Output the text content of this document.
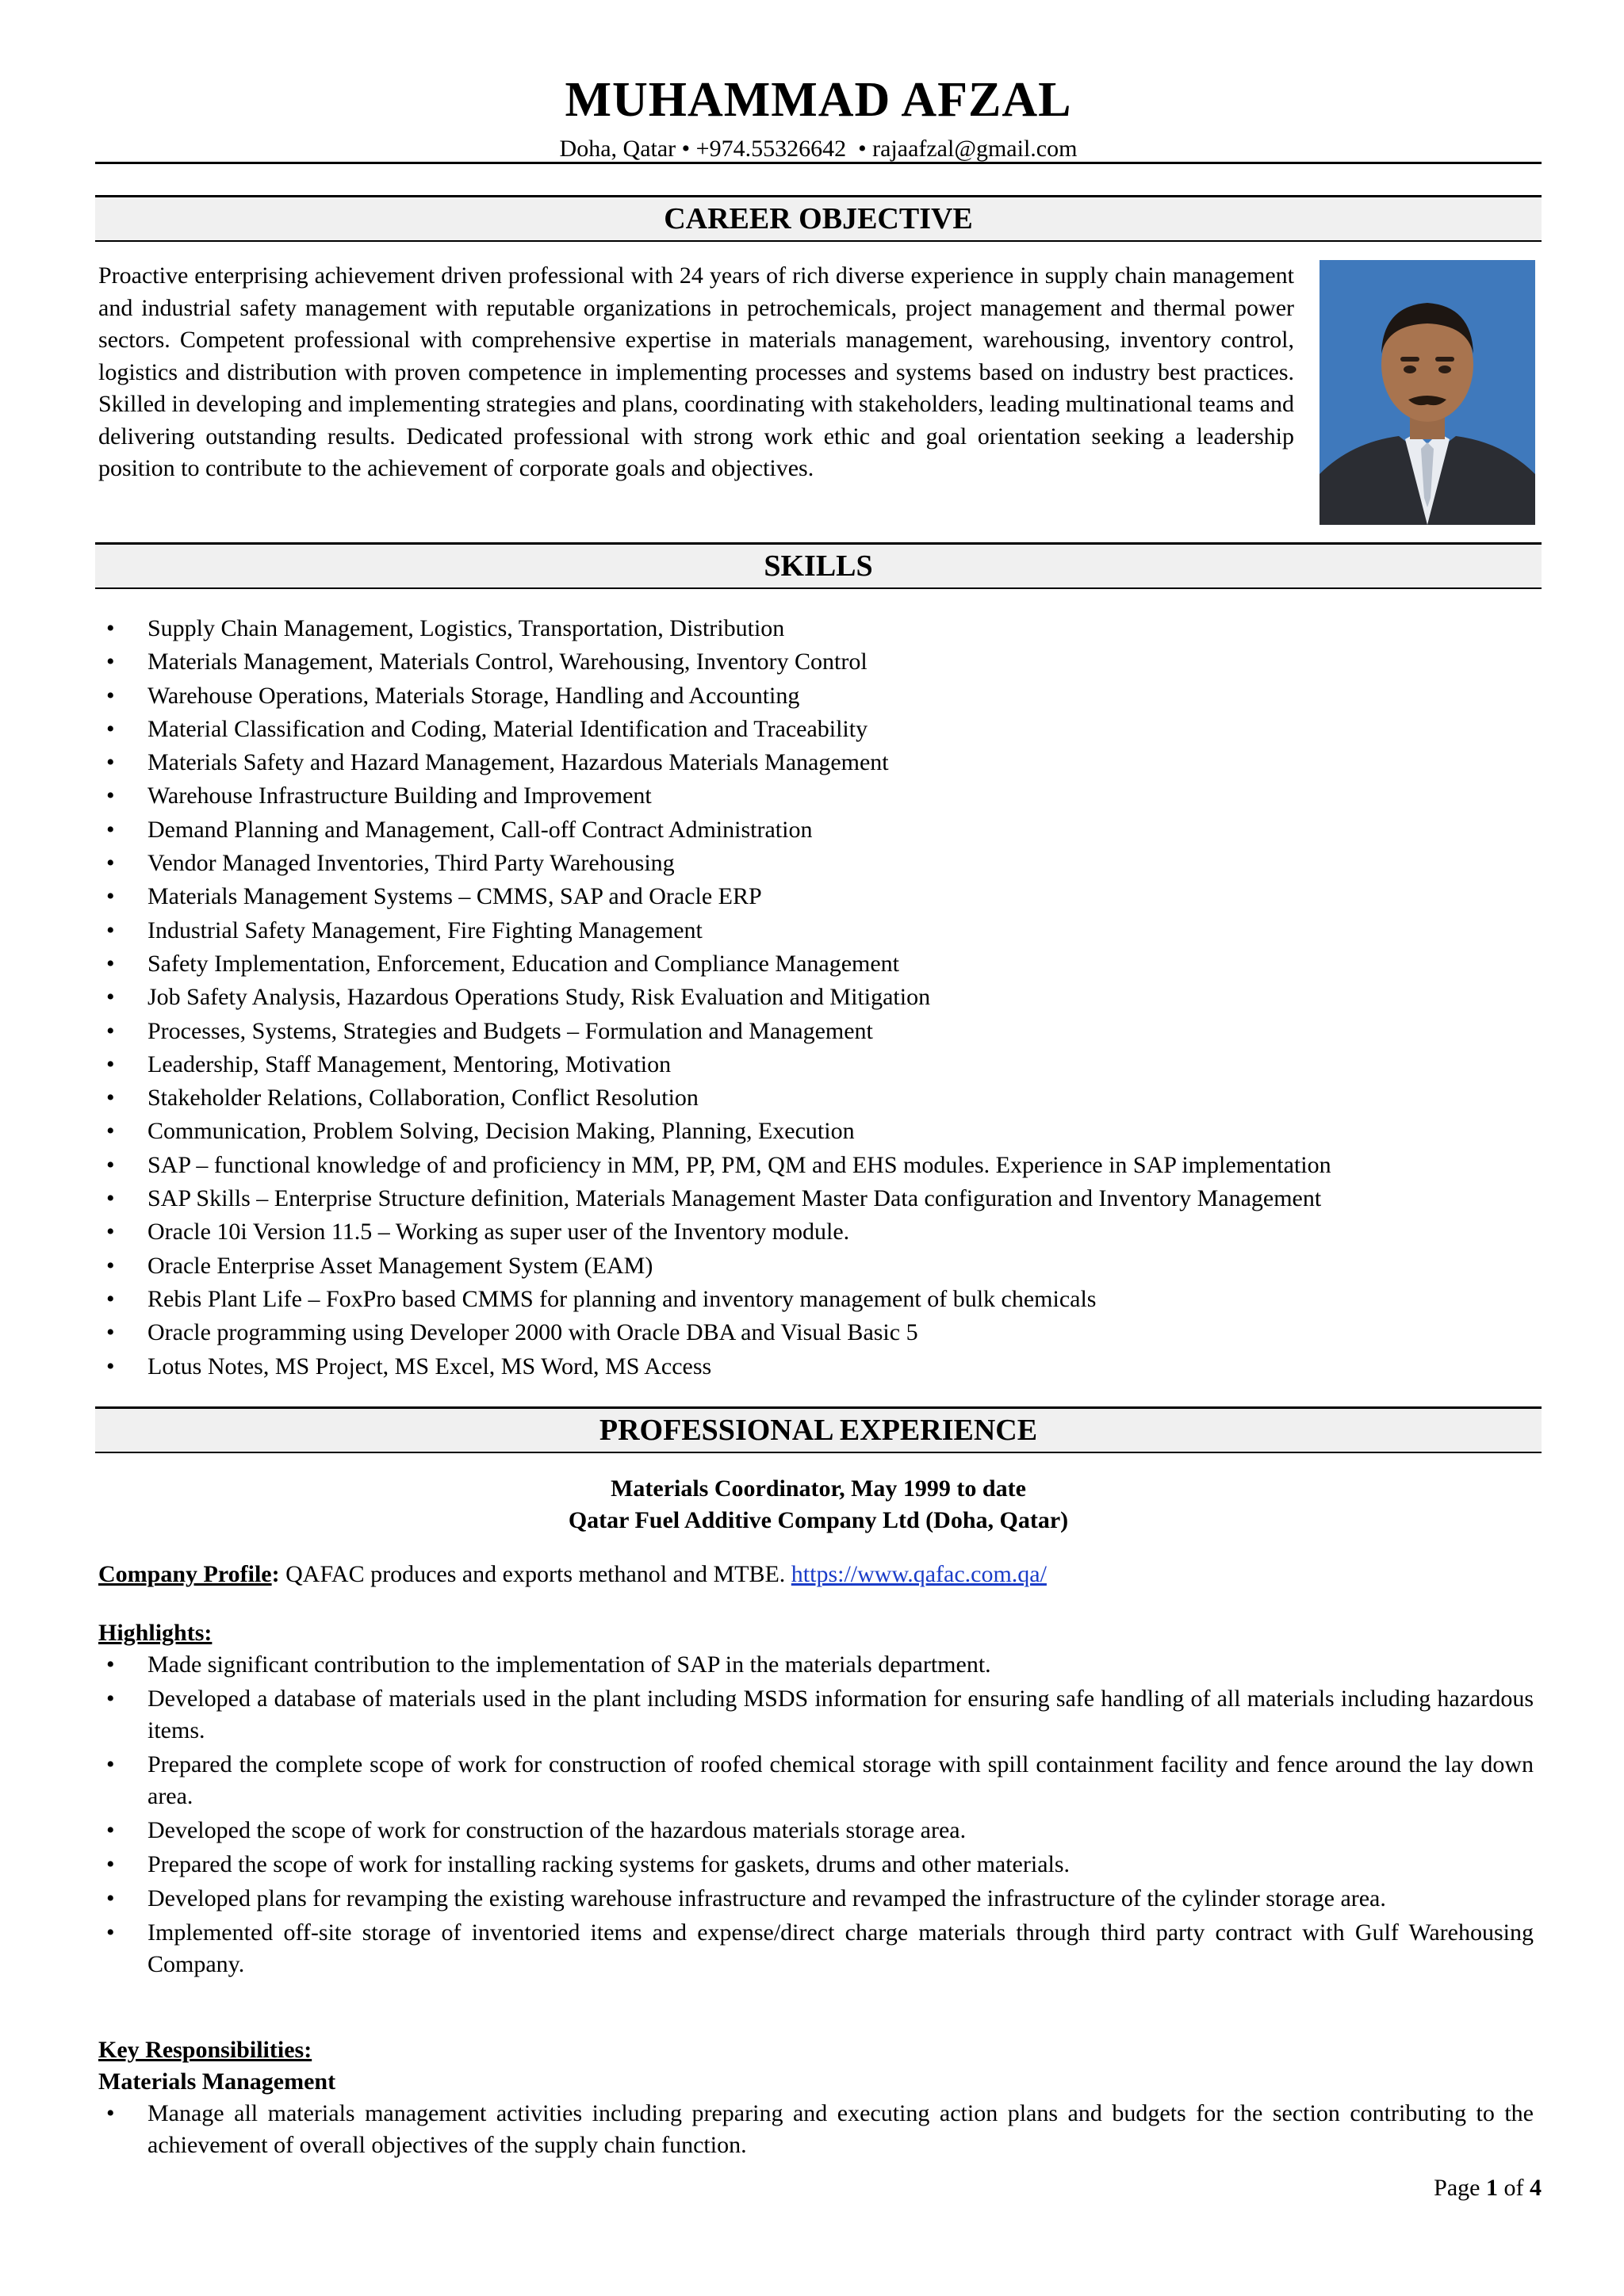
MUHAMMAD AFZAL
Doha, Qatar • +974.55326642 • rajaafzal@gmail.com
CAREER OBJECTIVE
Proactive enterprising achievement driven professional with 24 years of rich diverse experience in supply chain management and industrial safety management with reputable organizations in petrochemicals, project management and thermal power sectors. Competent professional with comprehensive expertise in materials management, warehousing, inventory control, logistics and distribution with proven competence in implementing processes and systems based on industry best practices. Skilled in developing and implementing strategies and plans, coordinating with stakeholders, leading multinational teams and delivering outstanding results. Dedicated professional with strong work ethic and goal orientation seeking a leadership position to contribute to the achievement of corporate goals and objectives.
SKILLS
• Supply Chain Management, Logistics, Transportation, Distribution
• Materials Management, Materials Control, Warehousing, Inventory Control
• Warehouse Operations, Materials Storage, Handling and Accounting
• Material Classification and Coding, Material Identification and Traceability
• Materials Safety and Hazard Management, Hazardous Materials Management
• Warehouse Infrastructure Building and Improvement
• Demand Planning and Management, Call-off Contract Administration
• Vendor Managed Inventories, Third Party Warehousing
• Materials Management Systems – CMMS, SAP and Oracle ERP
• Industrial Safety Management, Fire Fighting Management
• Safety Implementation, Enforcement, Education and Compliance Management
• Job Safety Analysis, Hazardous Operations Study, Risk Evaluation and Mitigation
• Processes, Systems, Strategies and Budgets – Formulation and Management
• Leadership, Staff Management, Mentoring, Motivation
• Stakeholder Relations, Collaboration, Conflict Resolution
• Communication, Problem Solving, Decision Making, Planning, Execution
• SAP – functional knowledge of and proficiency in MM, PP, PM, QM and EHS modules. Experience in SAP implementation
• SAP Skills – Enterprise Structure definition, Materials Management Master Data configuration and Inventory Management
• Oracle 10i Version 11.5 – Working as super user of the Inventory module.
• Oracle Enterprise Asset Management System (EAM)
• Rebis Plant Life – FoxPro based CMMS for planning and inventory management of bulk chemicals
• Oracle programming using Developer 2000 with Oracle DBA and Visual Basic 5
• Lotus Notes, MS Project, MS Excel, MS Word, MS Access
PROFESSIONAL EXPERIENCE
Materials Coordinator, May 1999 to date
Qatar Fuel Additive Company Ltd (Doha, Qatar)
Company Profile: QAFAC produces and exports methanol and MTBE. https://www.qafac.com.qa/
Highlights:
• Made significant contribution to the implementation of SAP in the materials department.
• Developed a database of materials used in the plant including MSDS information for ensuring safe handling of all materials including hazardous items.
• Prepared the complete scope of work for construction of roofed chemical storage with spill containment facility and fence around the lay down area.
• Developed the scope of work for construction of the hazardous materials storage area.
• Prepared the scope of work for installing racking systems for gaskets, drums and other materials.
• Developed plans for revamping the existing warehouse infrastructure and revamped the infrastructure of the cylinder storage area.
• Implemented off-site storage of inventoried items and expense/direct charge materials through third party contract with Gulf Warehousing Company.
Key Responsibilities:
Materials Management
• Manage all materials management activities including preparing and executing action plans and budgets for the section contributing to the achievement of overall objectives of the supply chain function.
Page 1 of 4
